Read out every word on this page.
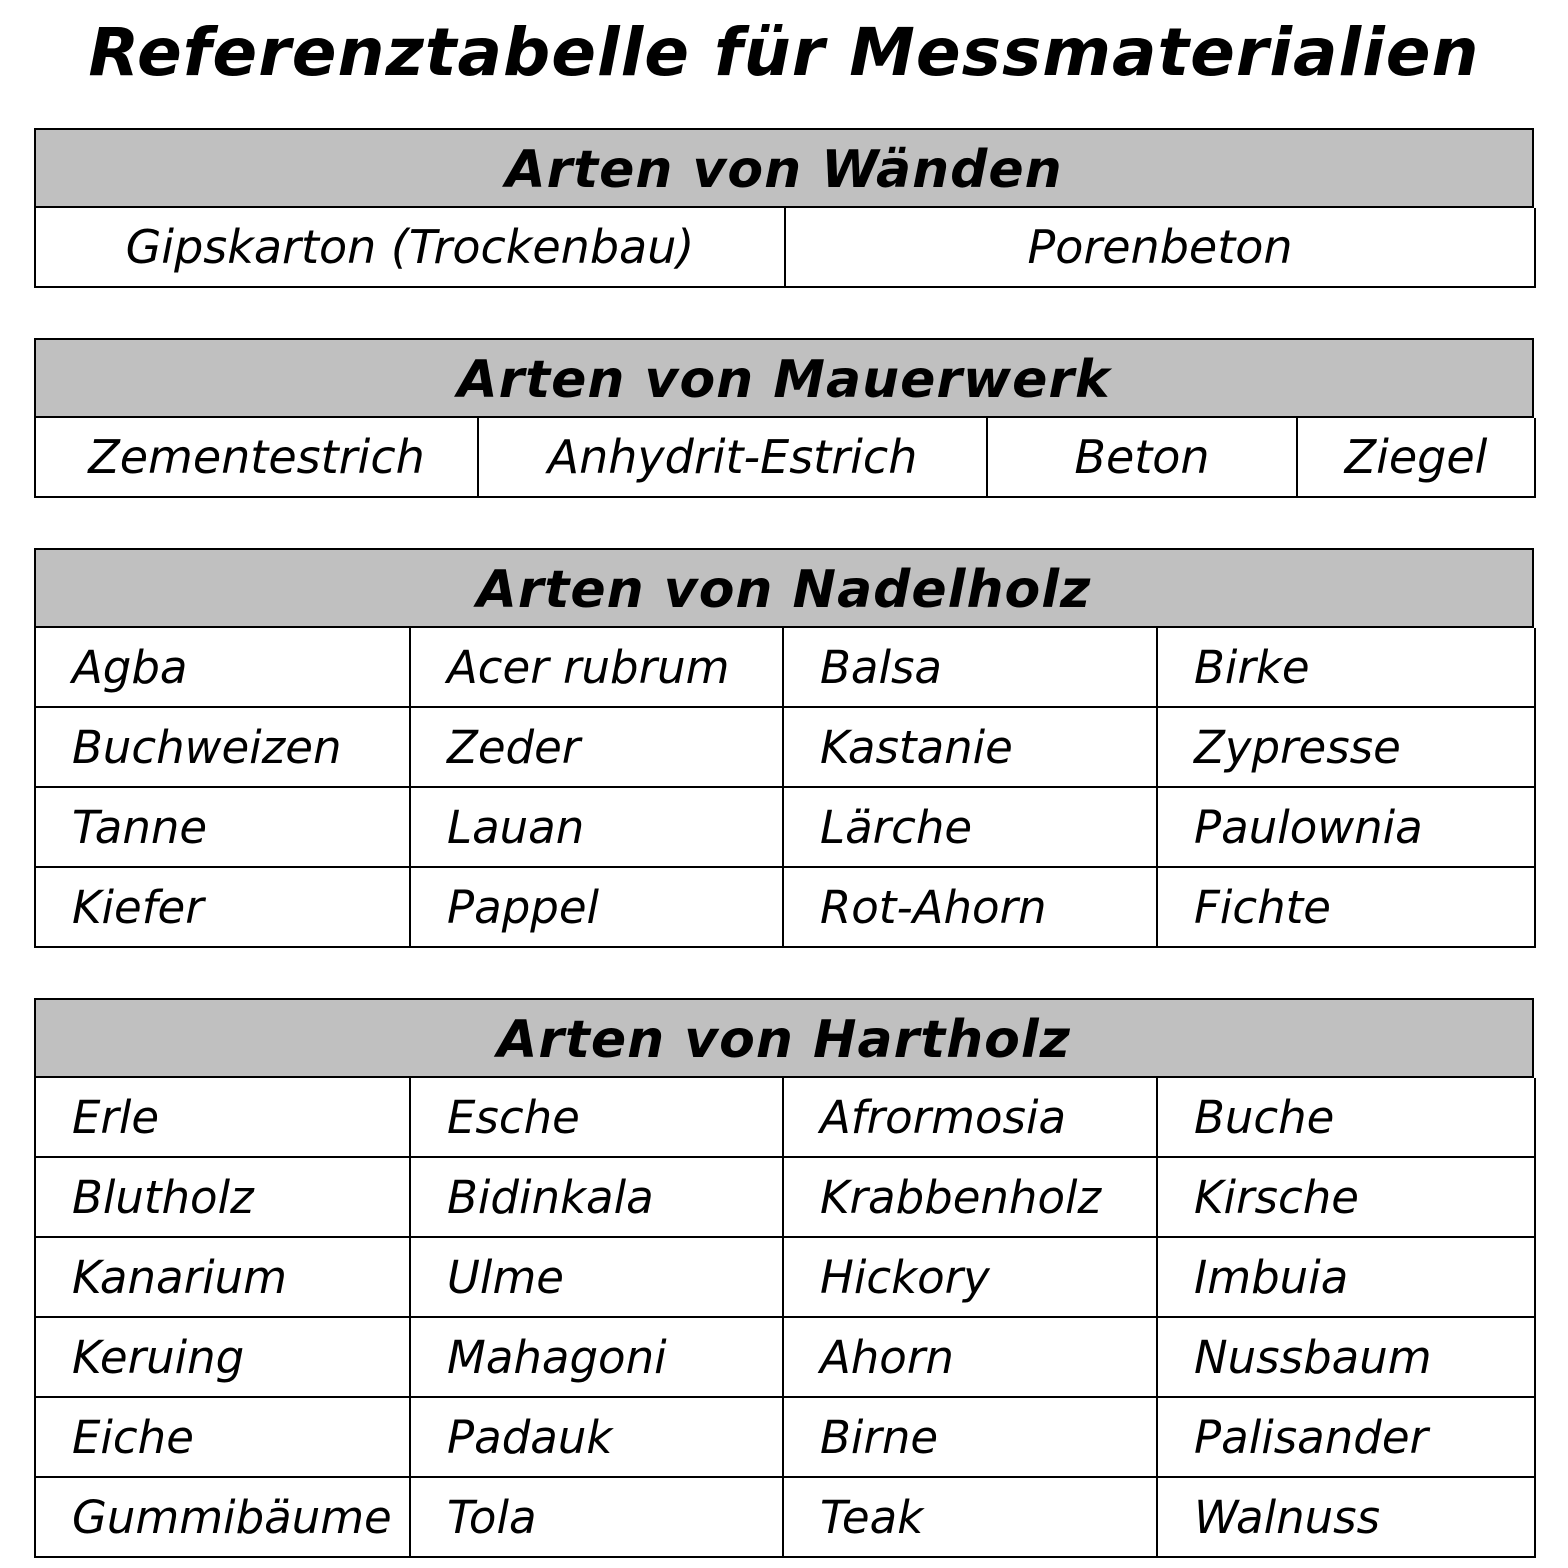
Referenztabelle für Messmaterialien
Arten von Wänden
Gipskarton (Trockenbau)	Porenbeton
Arten von Mauerwerk
Zementestrich	Anhydrit-Estrich	Beton	Ziegel
Arten von Nadelholz
Agba	Acer rubrum	Balsa	Birke
Buchweizen	Zeder	Kastanie	Zypresse
Tanne	Lauan	Lärche	Paulownia
Kiefer	Pappel	Rot-Ahorn	Fichte
Arten von Hartholz
Erle	Esche	Afrormosia	Buche
Blutholz	Bidinkala	Krabbenholz	Kirsche
Kanarium	Ulme	Hickory	Imbuia
Keruing	Mahagoni	Ahorn	Nussbaum
Eiche	Padauk	Birne	Palisander
Gummibäume	Tola	Teak	Walnuss
